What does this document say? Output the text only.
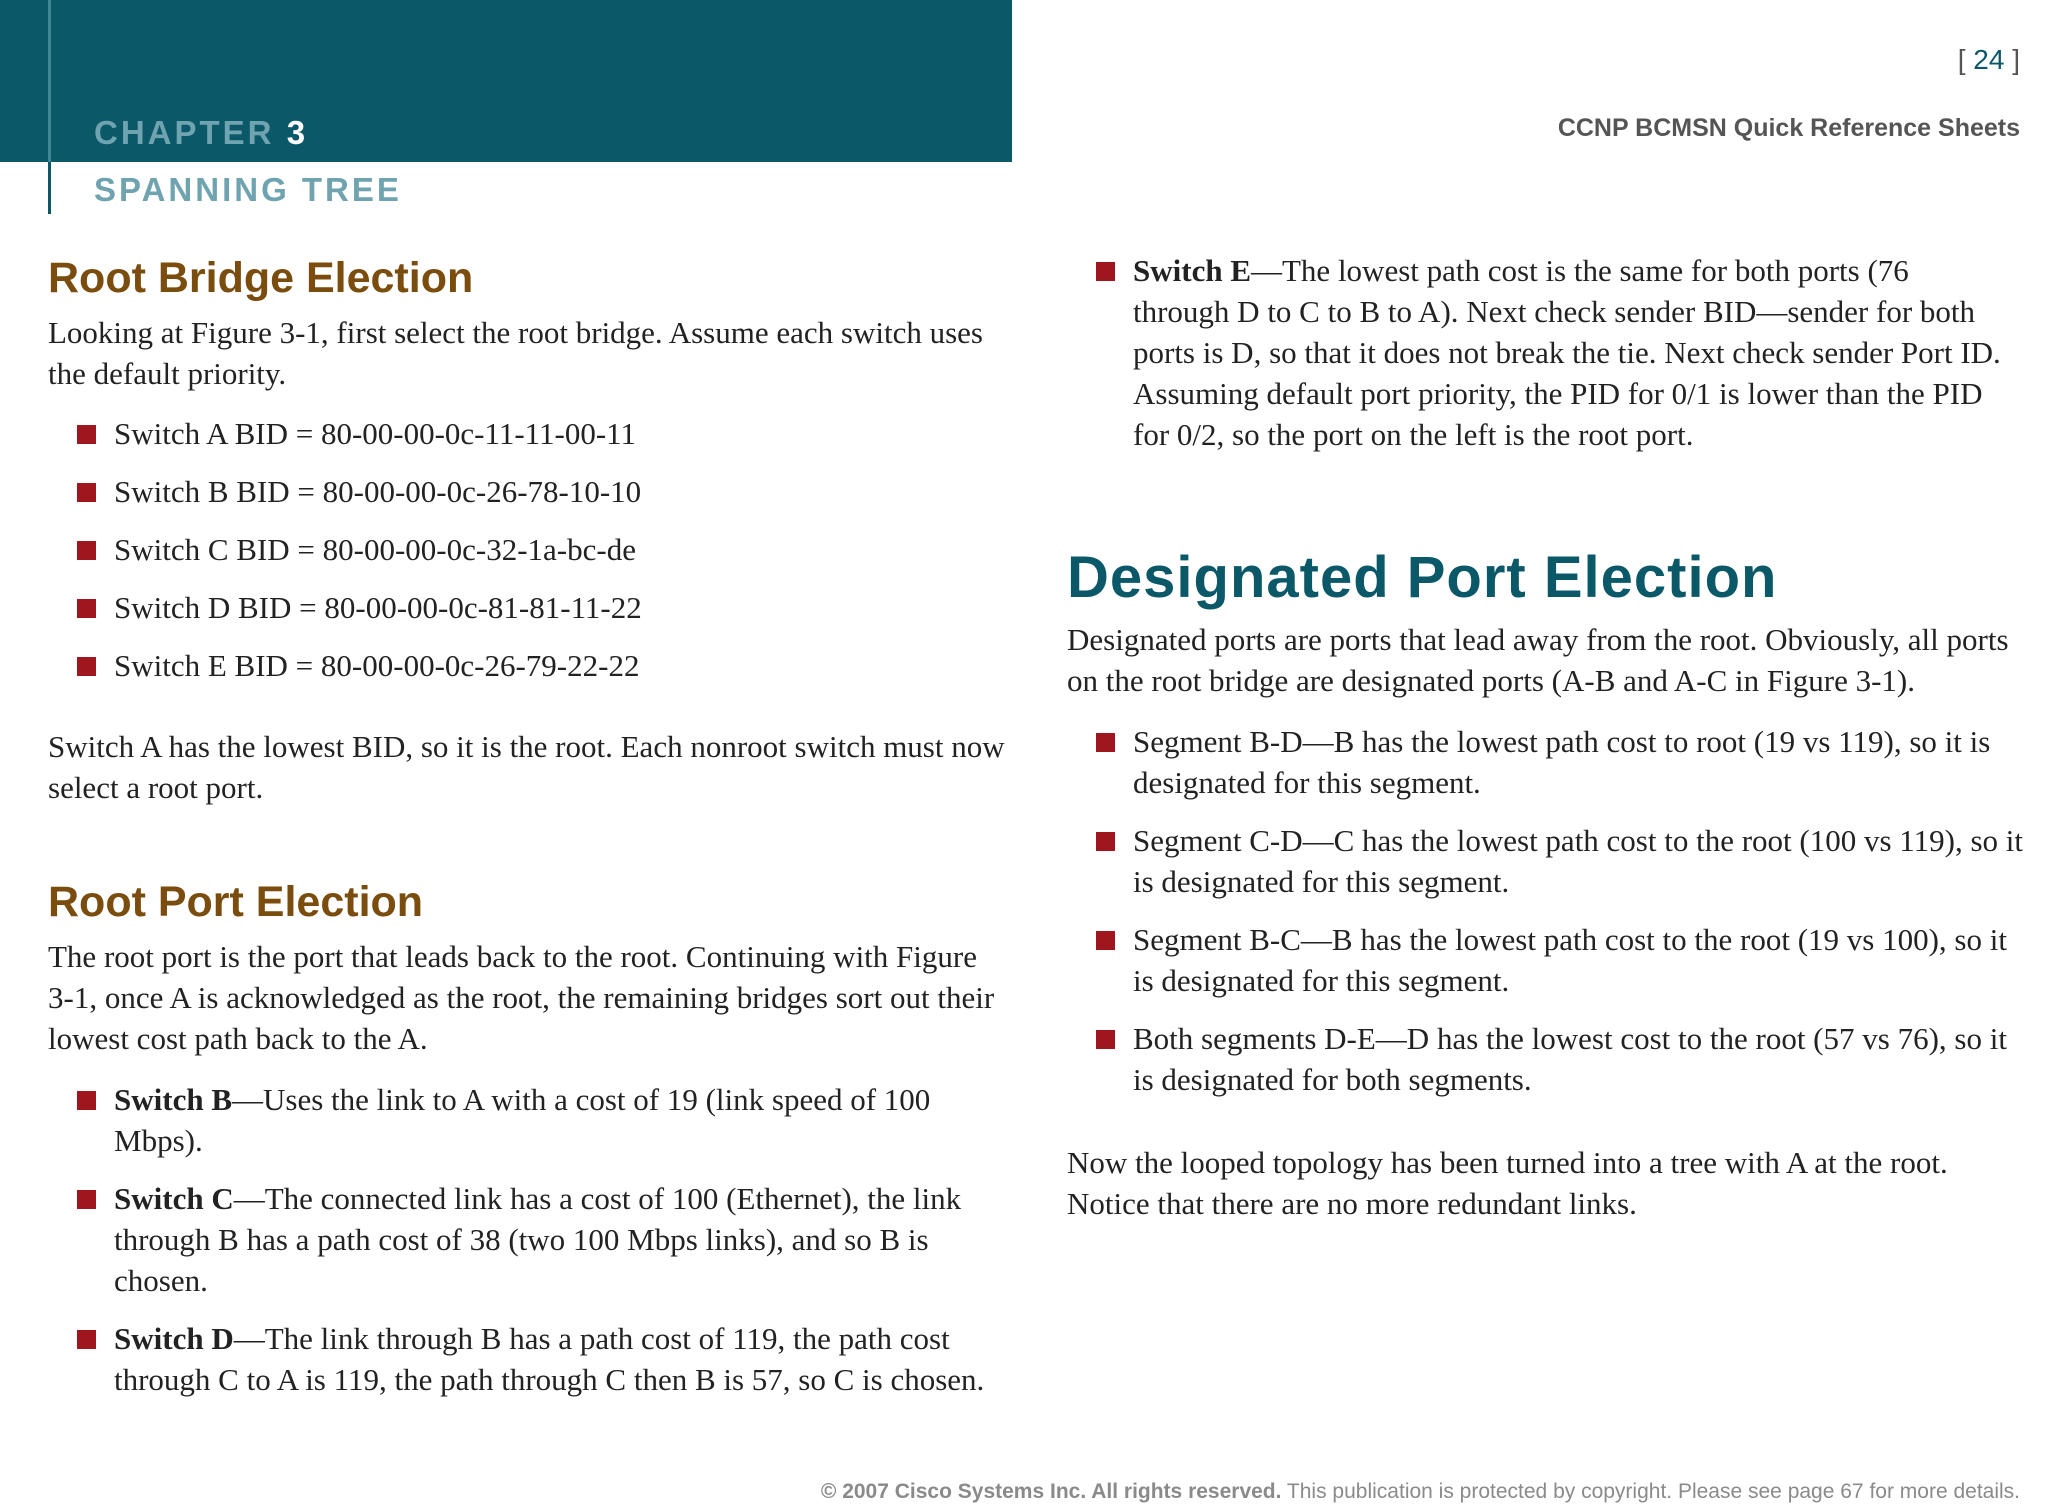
CHAPTER 3
SPANNING TREE
[ 24 ]
CCNP BCMSN Quick Reference Sheets
Root Bridge Election

Looking at Figure 3-1, first select the root bridge. Assume each switch uses the default priority.

Switch A BID = 80-00-00-0c-11-11-00-11
Switch B BID = 80-00-00-0c-26-78-10-10
Switch C BID = 80-00-00-0c-32-1a-bc-de
Switch D BID = 80-00-00-0c-81-81-11-22
Switch E BID = 80-00-00-0c-26-79-22-22

Switch A has the lowest BID, so it is the root. Each nonroot switch must now select a root port.

Root Port Election

The root port is the port that leads back to the root. Continuing with Figure 3-1, once A is acknowledged as the root, the remaining bridges sort out their lowest cost path back to the A.

Switch B—Uses the link to A with a cost of 19 (link speed of 100 Mbps).
Switch C—The connected link has a cost of 100 (Ethernet), the link through B has a path cost of 38 (two 100 Mbps links), and so B is chosen.
Switch D—The link through B has a path cost of 119, the path cost through C to A is 119, the path through C then B is 57, so C is chosen.
Switch E—The lowest path cost is the same for both ports (76 through D to C to B to A). Next check sender BID—sender for both ports is D, so that it does not break the tie. Next check sender Port ID. Assuming default port priority, the PID for 0/1 is lower than the PID for 0/2, so the port on the left is the root port.
Designated Port Election

Designated ports are ports that lead away from the root. Obviously, all ports on the root bridge are designated ports (A-B and A-C in Figure 3-1).

Segment B-D—B has the lowest path cost to root (19 vs 119), so it is designated for this segment.
Segment C-D—C has the lowest path cost to the root (100 vs 119), so it is designated for this segment.
Segment B-C—B has the lowest path cost to the root (19 vs 100), so it is designated for this segment.
Both segments D-E—D has the lowest cost to the root (57 vs 76), so it is designated for both segments.

Now the looped topology has been turned into a tree with A at the root. Notice that there are no more redundant links.

© 2007 Cisco Systems Inc. All rights reserved. This publication is protected by copyright. Please see page 67 for more details.
